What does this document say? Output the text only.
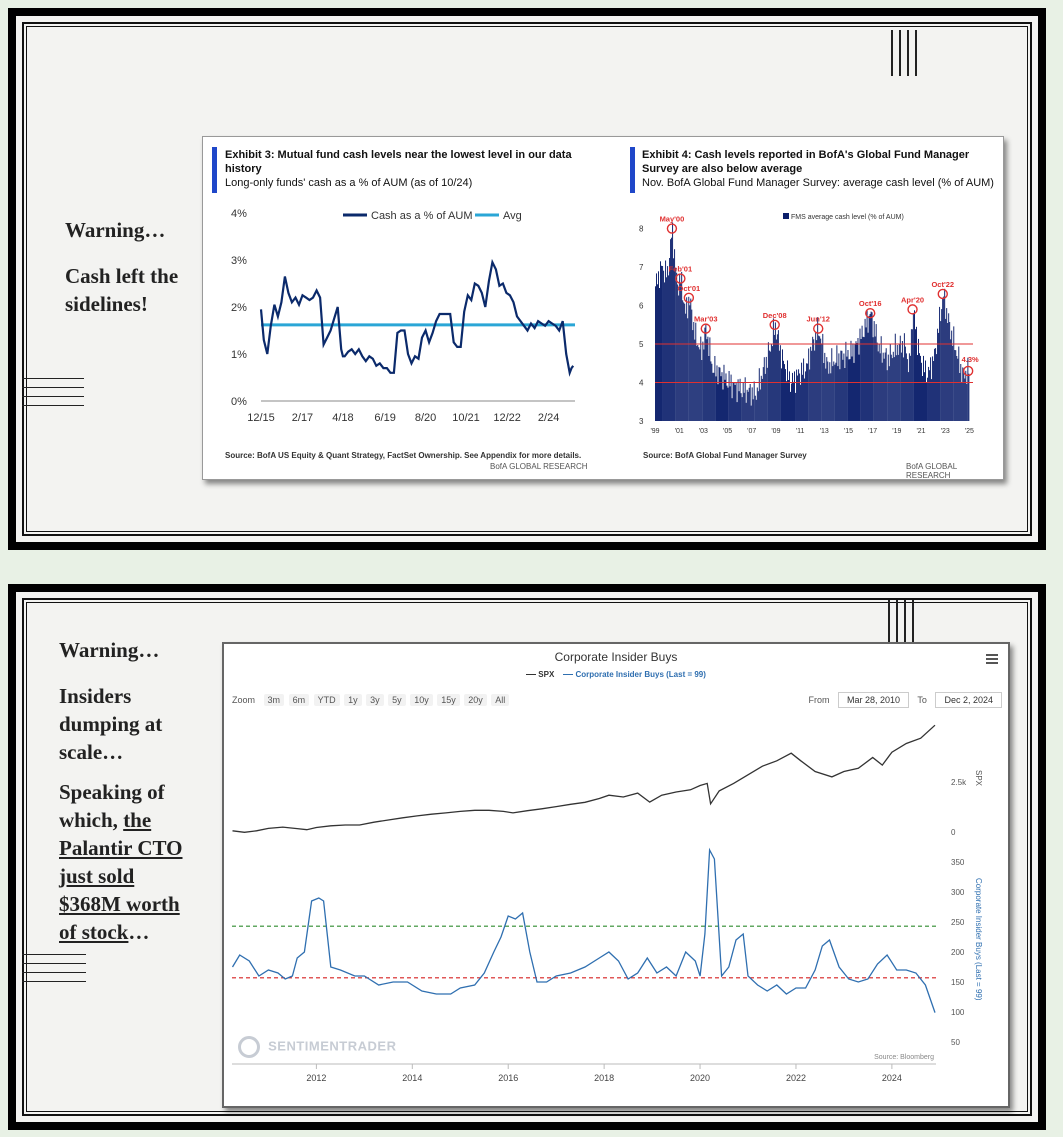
Warning…

Cash left the
sidelines!
Exhibit 3: Mutual fund cash levels near the lowest level in our data history
Long-only funds' cash as a % of AUM (as of 10/24)
Exhibit 4: Cash levels reported in BofA's Global Fund Manager Survey are also below average
Nov. BofA Global Fund Manager Survey: average cash level (% of AUM)
0%
1%
2%
3%
4%
12/15 2/17 4/18 6/19 8/20 10/21 12/22 2/24
Cash as a % of AUM	Avg
3
4
5
6
7
8
'99 '01 '03 '05 '07 '09 '11 '13 '15 '17 '19 '21 '23 '25
FMS average cash level (% of AUM)
May'00
Feb'01
Oct'01
Mar'03	Dec'08	Jun'12
Oct'16	Apr'20
Oct'22
4.3%
Source: BofA US Equity & Quant Strategy, FactSet Ownership. See Appendix for more details.
BofA GLOBAL RESEARCH
Source: BofA Global Fund Manager Survey
BofA GLOBAL RESEARCH

Warning…

Insiders
dumping at
scale…

Speaking of
which, the
Palantir CTO
just sold
$368M worth
of stock…

Corporate Insider Buys
SPX	Corporate Insider Buys (Last = 99)
Zoom 3m 6m YTD 1y 3y 5y 10y 15y 20y All	From Mar 28, 2010 To Dec 2, 2024
2.5k
0
SPX
350
300
250
200
150
100
50
Corporate Insider Buys (Last = 99)
2012	2014	2016	2018	2020	2022	2024
SENTIMENTRADER
Source: Bloomberg
